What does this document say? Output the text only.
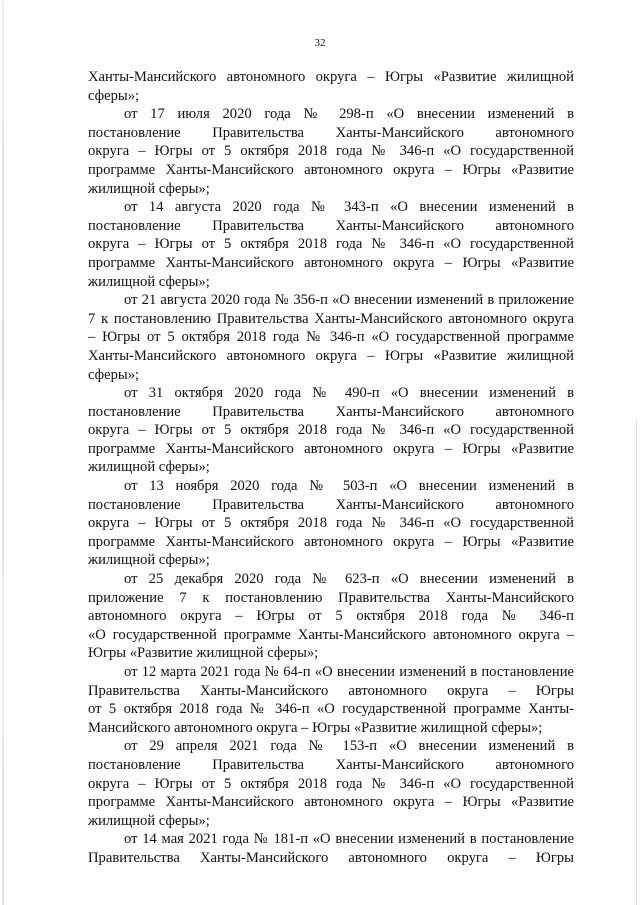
32
Ханты-Мансийского автономного округа – Югры «Развитие жилищной
сферы»;
от 17 июля 2020 года № 298-п «О внесении изменений в
постановление Правительства Ханты-Мансийского автономного
округа – Югры от 5 октября 2018 года № 346-п «О государственной
программе Ханты-Мансийского автономного округа – Югры «Развитие
жилищной сферы»;
от 14 августа 2020 года № 343-п «О внесении изменений в
постановление Правительства Ханты-Мансийского автономного
округа – Югры от 5 октября 2018 года № 346-п «О государственной
программе Ханты-Мансийского автономного округа – Югры «Развитие
жилищной сферы»;
от 21 августа 2020 года № 356-п «О внесении изменений в приложение
7 к постановлению Правительства Ханты-Мансийского автономного округа
– Югры от 5 октября 2018 года № 346-п «О государственной программе
Ханты-Мансийского автономного округа – Югры «Развитие жилищной
сферы»;
от 31 октября 2020 года № 490-п «О внесении изменений в
постановление Правительства Ханты-Мансийского автономного
округа – Югры от 5 октября 2018 года № 346-п «О государственной
программе Ханты-Мансийского автономного округа – Югры «Развитие
жилищной сферы»;
от 13 ноября 2020 года № 503-п «О внесении изменений в
постановление Правительства Ханты-Мансийского автономного
округа – Югры от 5 октября 2018 года № 346-п «О государственной
программе Ханты-Мансийского автономного округа – Югры «Развитие
жилищной сферы»;
от 25 декабря 2020 года № 623-п «О внесении изменений в
приложение 7 к постановлению Правительства Ханты-Мансийского
автономного округа – Югры от 5 октября 2018 года № 346-п
«О государственной программе Ханты-Мансийского автономного округа –
Югры «Развитие жилищной сферы»;
от 12 марта 2021 года № 64-п «О внесении изменений в постановление
Правительства Ханты-Мансийского автономного округа – Югры
от 5 октября 2018 года № 346-п «О государственной программе Ханты-
Мансийского автономного округа – Югры «Развитие жилищной сферы»;
от 29 апреля 2021 года № 153-п «О внесении изменений в
постановление Правительства Ханты-Мансийского автономного
округа – Югры от 5 октября 2018 года № 346-п «О государственной
программе Ханты-Мансийского автономного округа – Югры «Развитие
жилищной сферы»;
от 14 мая 2021 года № 181-п «О внесении изменений в постановление
Правительства Ханты-Мансийского автономного округа – Югры
